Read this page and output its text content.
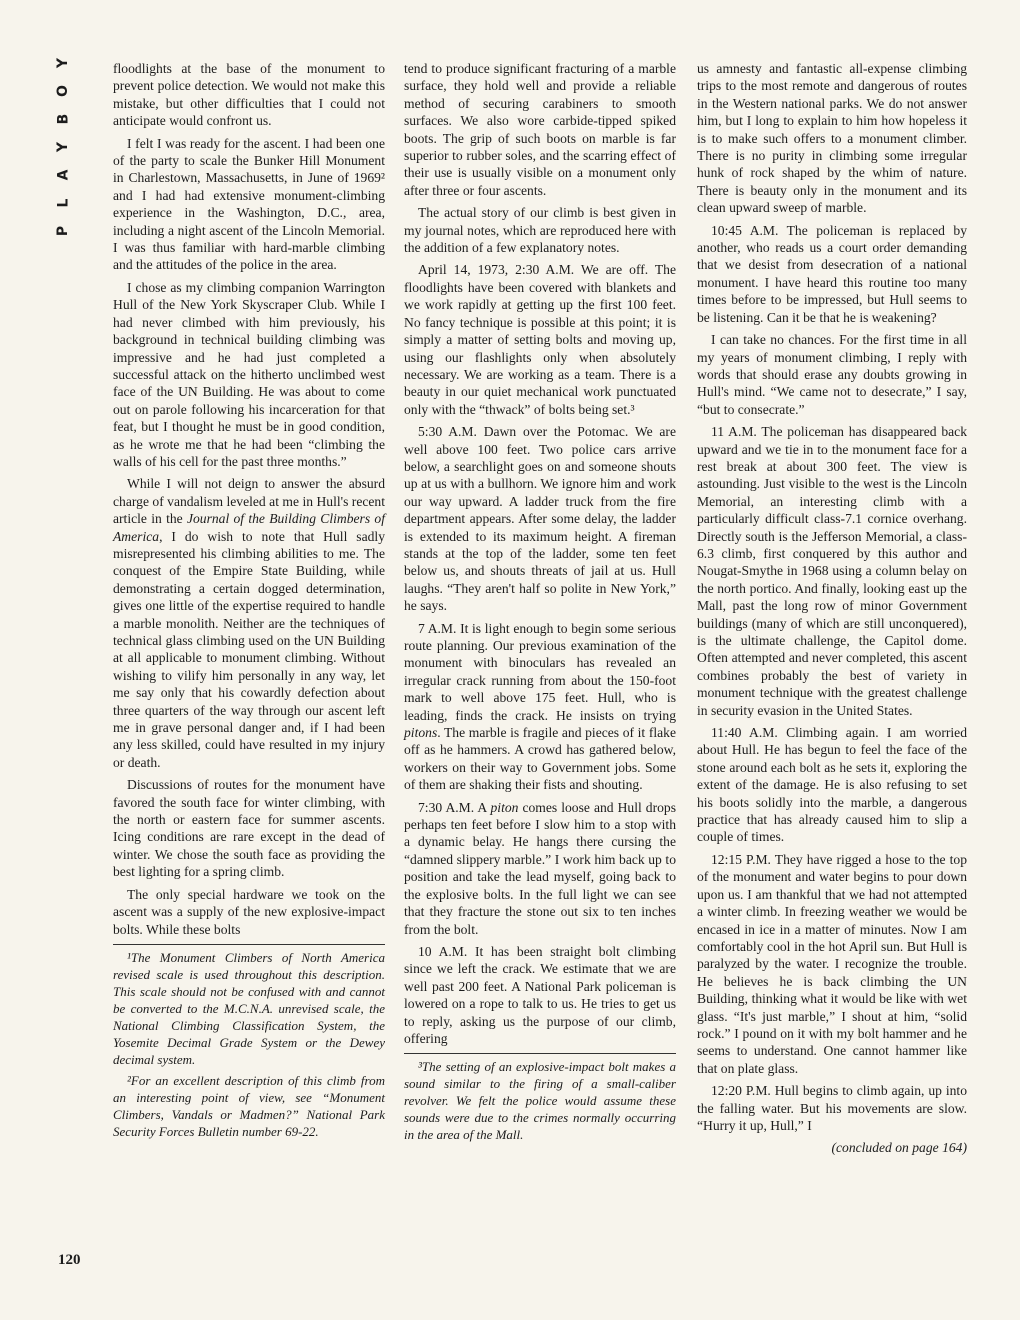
Y
O
B
Y
A
L
P

floodlights at the base of the monument to prevent police detection. We would not make this mistake, but other difficulties that I could not anticipate would confront us.

I felt I was ready for the ascent. I had been one of the party to scale the Bunker Hill Monument in Charlestown, Massachusetts, in June of 1969² and I had had extensive monument-climbing experience in the Washington, D.C., area, including a night ascent of the Lincoln Memorial. I was thus familiar with hard-marble climbing and the attitudes of the police in the area.

I chose as my climbing companion Warrington Hull of the New York Skyscraper Club. While I had never climbed with him previously, his background in technical building climbing was impressive and he had just completed a successful attack on the hitherto unclimbed west face of the UN Building. He was about to come out on parole following his incarceration for that feat, but I thought he must be in good condition, as he wrote me that he had been “climbing the walls of his cell for the past three months.”

While I will not deign to answer the absurd charge of vandalism leveled at me in Hull's recent article in the Journal of the Building Climbers of America, I do wish to note that Hull sadly misrepresented his climbing abilities to me. The conquest of the Empire State Building, while demonstrating a certain dogged determination, gives one little of the expertise required to handle a marble monolith. Neither are the techniques of technical glass climbing used on the UN Building at all applicable to monument climbing. Without wishing to vilify him personally in any way, let me say only that his cowardly defection about three quarters of the way through our ascent left me in grave personal danger and, if I had been any less skilled, could have resulted in my injury or death.

Discussions of routes for the monument have favored the south face for winter climbing, with the north or eastern face for summer ascents. Icing conditions are rare except in the dead of winter. We chose the south face as providing the best lighting for a spring climb.

The only special hardware we took on the ascent was a supply of the new explosive-impact bolts. While these bolts

¹The Monument Climbers of North America revised scale is used throughout this description. This scale should not be confused with and cannot be converted to the M.C.N.A. unrevised scale, the National Climbing Classification System, the Yosemite Decimal Grade System or the Dewey decimal system.

²For an excellent description of this climb from an interesting point of view, see “Monument Climbers, Vandals or Madmen?” National Park Security Forces Bulletin number 69-22.

tend to produce significant fracturing of a marble surface, they hold well and provide a reliable method of securing carabiners to smooth surfaces. We also wore carbide-tipped spiked boots. The grip of such boots on marble is far superior to rubber soles, and the scarring effect of their use is usually visible on a monument only after three or four ascents.

The actual story of our climb is best given in my journal notes, which are reproduced here with the addition of a few explanatory notes.

April 14, 1973, 2:30 A.M. We are off. The floodlights have been covered with blankets and we work rapidly at getting up the first 100 feet. No fancy technique is possible at this point; it is simply a matter of setting bolts and moving up, using our flashlights only when absolutely necessary. We are working as a team. There is a beauty in our quiet mechanical work punctuated only with the “thwack” of bolts being set.³

5:30 A.M. Dawn over the Potomac. We are well above 100 feet. Two police cars arrive below, a searchlight goes on and someone shouts up at us with a bullhorn. We ignore him and work our way upward. A ladder truck from the fire department appears. After some delay, the ladder is extended to its maximum height. A fireman stands at the top of the ladder, some ten feet below us, and shouts threats of jail at us. Hull laughs. “They aren't half so polite in New York,” he says.

7 A.M. It is light enough to begin some serious route planning. Our previous examination of the monument with binoculars has revealed an irregular crack running from about the 150-foot mark to well above 175 feet. Hull, who is leading, finds the crack. He insists on trying pitons. The marble is fragile and pieces of it flake off as he hammers. A crowd has gathered below, workers on their way to Government jobs. Some of them are shaking their fists and shouting.

7:30 A.M. A piton comes loose and Hull drops perhaps ten feet before I slow him to a stop with a dynamic belay. He hangs there cursing the “damned slippery marble.” I work him back up to position and take the lead myself, going back to the explosive bolts. In the full light we can see that they fracture the stone out six to ten inches from the bolt.

10 A.M. It has been straight bolt climbing since we left the crack. We estimate that we are well past 200 feet. A National Park policeman is lowered on a rope to talk to us. He tries to get us to reply, asking us the purpose of our climb, offering

³The setting of an explosive-impact bolt makes a sound similar to the firing of a small-caliber revolver. We felt the police would assume these sounds were due to the crimes normally occurring in the area of the Mall.

us amnesty and fantastic all-expense climbing trips to the most remote and dangerous of routes in the Western national parks. We do not answer him, but I long to explain to him how hopeless it is to make such offers to a monument climber. There is no purity in climbing some irregular hunk of rock shaped by the whim of nature. There is beauty only in the monument and its clean upward sweep of marble.

10:45 A.M. The policeman is replaced by another, who reads us a court order demanding that we desist from desecration of a national monument. I have heard this routine too many times before to be impressed, but Hull seems to be listening. Can it be that he is weakening?

I can take no chances. For the first time in all my years of monument climbing, I reply with words that should erase any doubts growing in Hull's mind. “We came not to desecrate,” I say, “but to consecrate.”

11 A.M. The policeman has disappeared back upward and we tie in to the monument face for a rest break at about 300 feet. The view is astounding. Just visible to the west is the Lincoln Memorial, an interesting climb with a particularly difficult class-7.1 cornice overhang. Directly south is the Jefferson Memorial, a class-6.3 climb, first conquered by this author and Nougat-Smythe in 1968 using a column belay on the north portico. And finally, looking east up the Mall, past the long row of minor Government buildings (many of which are still unconquered), is the ultimate challenge, the Capitol dome. Often attempted and never completed, this ascent combines probably the best of variety in monument technique with the greatest challenge in security evasion in the United States.

11:40 A.M. Climbing again. I am worried about Hull. He has begun to feel the face of the stone around each bolt as he sets it, exploring the extent of the damage. He is also refusing to set his boots solidly into the marble, a dangerous practice that has already caused him to slip a couple of times.

12:15 P.M. They have rigged a hose to the top of the monument and water begins to pour down upon us. I am thankful that we had not attempted a winter climb. In freezing weather we would be encased in ice in a matter of minutes. Now I am comfortably cool in the hot April sun. But Hull is paralyzed by the water. I recognize the trouble. He believes he is back climbing the UN Building, thinking what it would be like with wet glass. “It's just marble,” I shout at him, “solid rock.” I pound on it with my bolt hammer and he seems to understand. One cannot hammer like that on plate glass.

12:20 P.M. Hull begins to climb again, up into the falling water. But his movements are slow. “Hurry it up, Hull,” I

(concluded on page 164)
120
